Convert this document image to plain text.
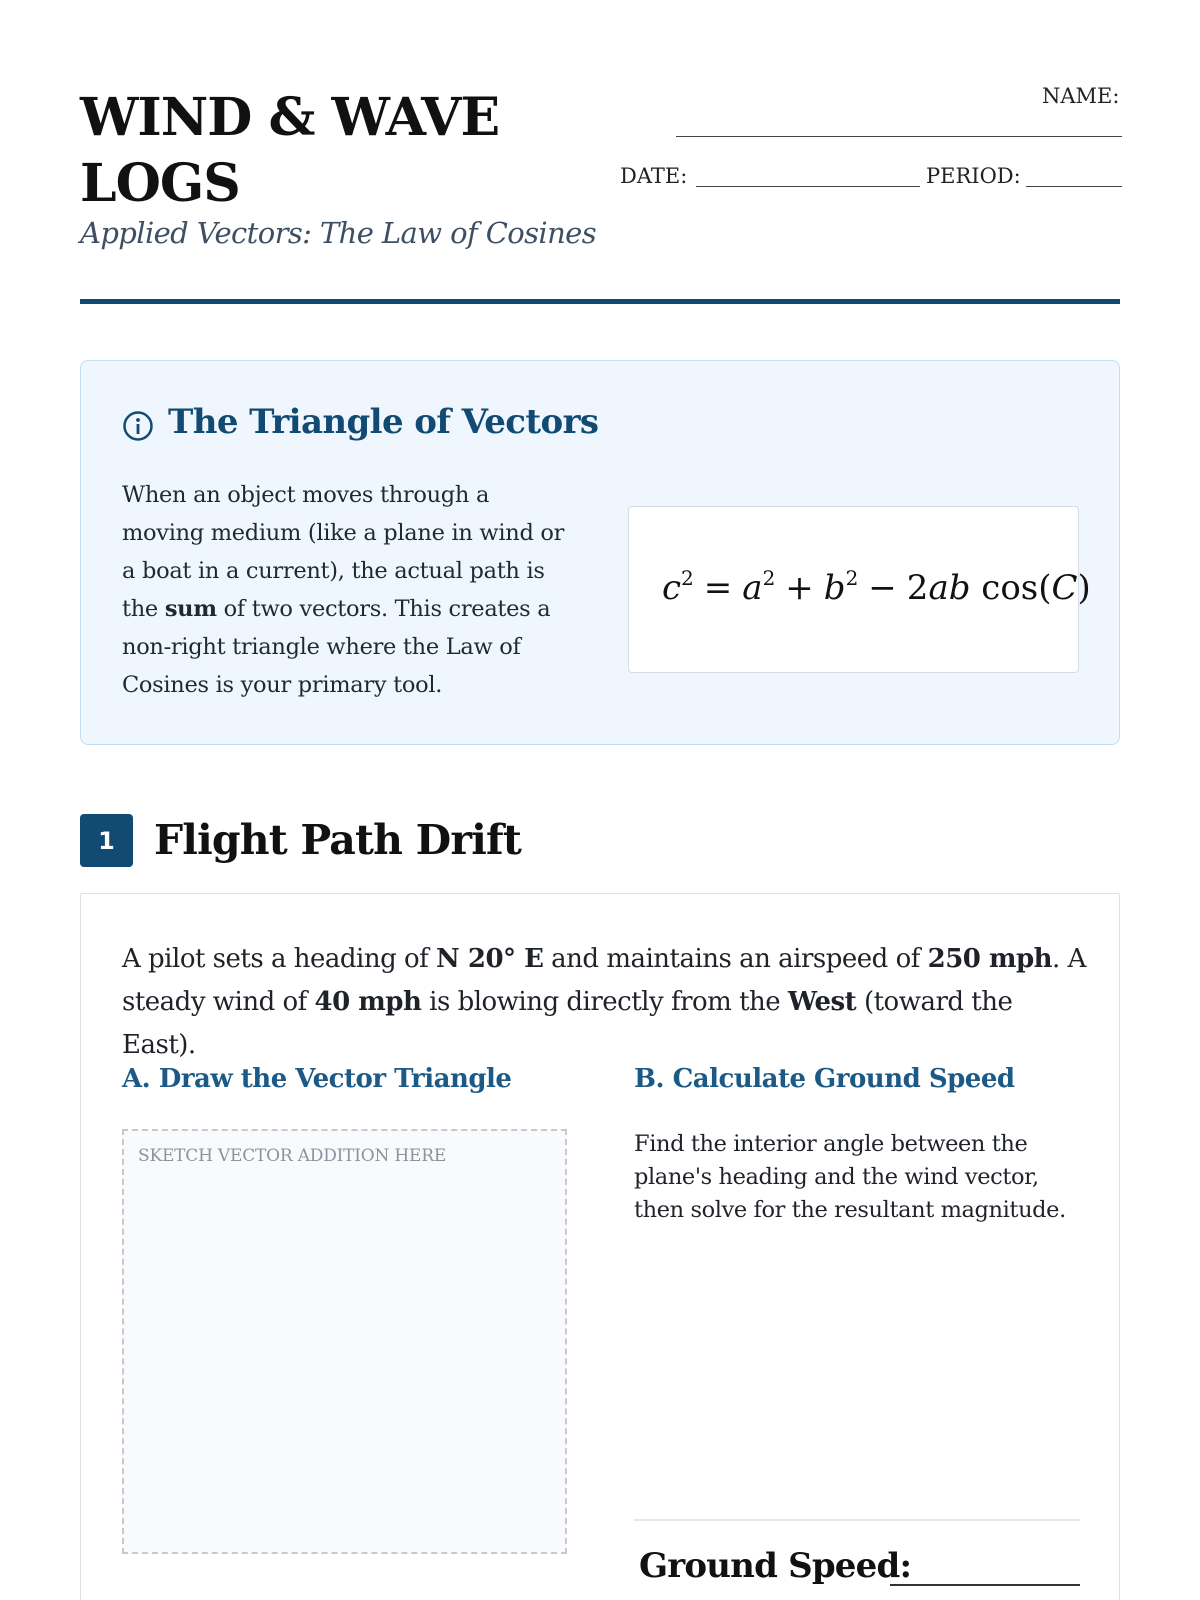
WIND & WAVE
LOGS
Applied Vectors: The Law of Cosines
NAME:
DATE:	PERIOD:
The Triangle of Vectors
When an object moves through a moving medium (like a plane in wind or a boat in a current), the actual path is the sum of two vectors. This creates a non-right triangle where the Law of Cosines is your primary tool.
$c^2 = a^2 + b^2 - 2ab$ cos(C)
1 Flight Path Drift
A pilot sets a heading of N 20° E and maintains an airspeed of 250 mph. A steady wind of 40 mph is blowing directly from the West (toward the East).
A. Draw the Vector Triangle	B. Calculate Ground Speed
SKETCH VECTOR ADDITION HERE	Find the interior angle between the plane's heading and the wind vector, then solve for the resultant magnitude.
Ground Speed:
